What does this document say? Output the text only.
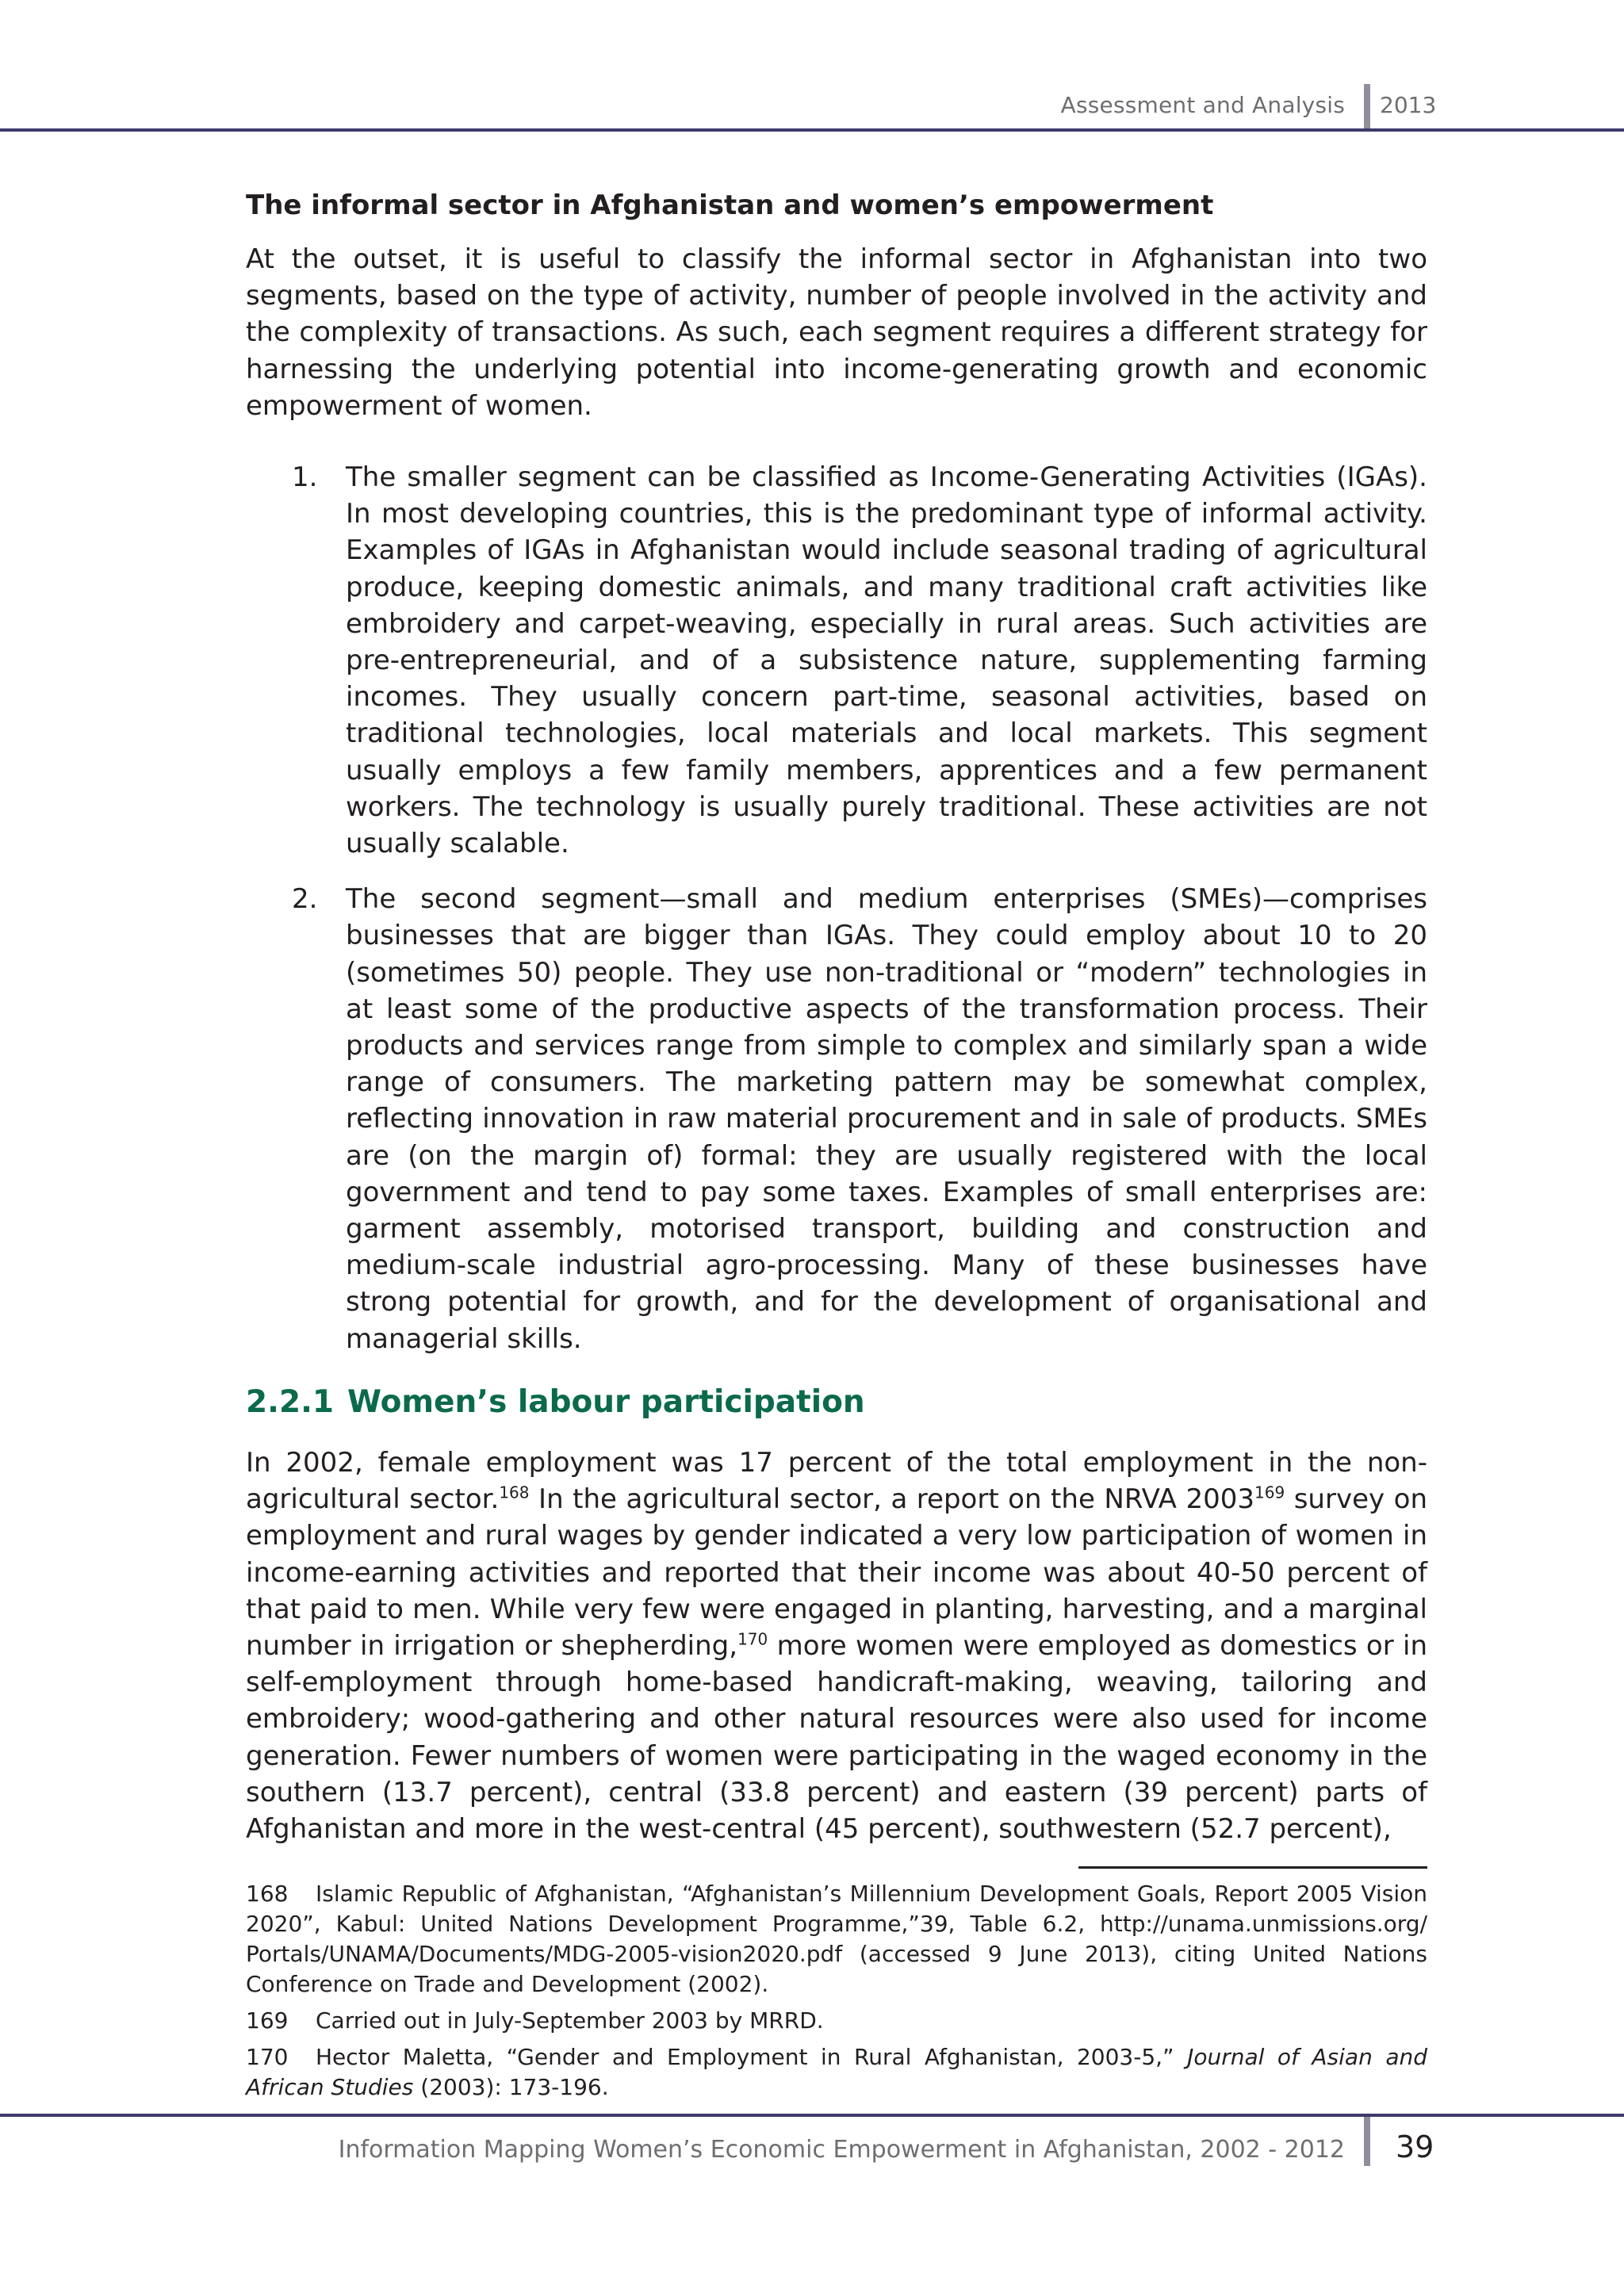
Assessment and Analysis 2013
The informal sector in Afghanistan and women’s empowerment

At the outset, it is useful to classify the informal sector in Afghanistan into two segments, based on the type of activity, number of people involved in the activity and the complexity of transactions. As such, each segment requires a different strategy for harnessing the underlying potential into income-generating growth and economic empowerment of women.

1. The smaller segment can be classified as Income-Generating Activities (IGAs). In most developing countries, this is the predominant type of informal activity. Examples of IGAs in Afghanistan would include seasonal trading of agricultural produce, keeping domestic animals, and many traditional craft activities like embroidery and carpet-weaving, especially in rural areas. Such activities are pre-entrepreneurial, and of a subsistence nature, supplementing farming incomes. They usually concern part-time, seasonal activities, based on traditional technologies, local materials and local markets. This segment usually employs a few family members, apprentices and a few permanent workers. The technology is usually purely traditional. These activities are not usually scalable.

2. The second segment—small and medium enterprises (SMEs)—comprises businesses that are bigger than IGAs. They could employ about 10 to 20 (sometimes 50) people. They use non-traditional or “modern” technologies in at least some of the productive aspects of the transformation process. Their products and services range from simple to complex and similarly span a wide range of consumers. The marketing pattern may be somewhat complex, reflecting innovation in raw material procurement and in sale of products. SMEs are (on the margin of) formal: they are usually registered with the local government and tend to pay some taxes. Examples of small enterprises are: garment assembly, motorised transport, building and construction and medium-scale industrial agro-processing. Many of these businesses have strong potential for growth, and for the development of organisational and managerial skills.

2.2.1 Women’s labour participation

In 2002, female employment was 17 percent of the total employment in the non-agricultural sector.$^{168}$ In the agricultural sector, a report on the NRVA 2003$^{169}$ survey on employment and rural wages by gender indicated a very low participation of women in income-earning activities and reported that their income was about 40-50 percent of that paid to men. While very few were engaged in planting, harvesting, and a marginal number in irrigation or shepherding,$^{170}$ more women were employed as domestics or in self-employment through home-based handicraft-making, weaving, tailoring and embroidery; wood-gathering and other natural resources were also used for income generation. Fewer numbers of women were participating in the waged economy in the southern (13.7 percent), central (33.8 percent) and eastern (39 percent) parts of Afghanistan and more in the west-central (45 percent), southwestern (52.7 percent),

168 Islamic Republic of Afghanistan, “Afghanistan’s Millennium Development Goals, Report 2005 Vision 2020”, Kabul: United Nations Development Programme,”39, Table 6.2, http://unama.unmissions.org/ Portals/UNAMA/Documents/MDG-2005-vision2020.pdf (accessed 9 June 2013), citing United Nations Conference on Trade and Development (2002).

169 Carried out in July-September 2003 by MRRD.

170 Hector Maletta, “Gender and Employment in Rural Afghanistan, 2003-5,” Journal of Asian and African Studies (2003): 173-196.

Information Mapping Women’s Economic Empowerment in Afghanistan, 2002 - 2012 39
